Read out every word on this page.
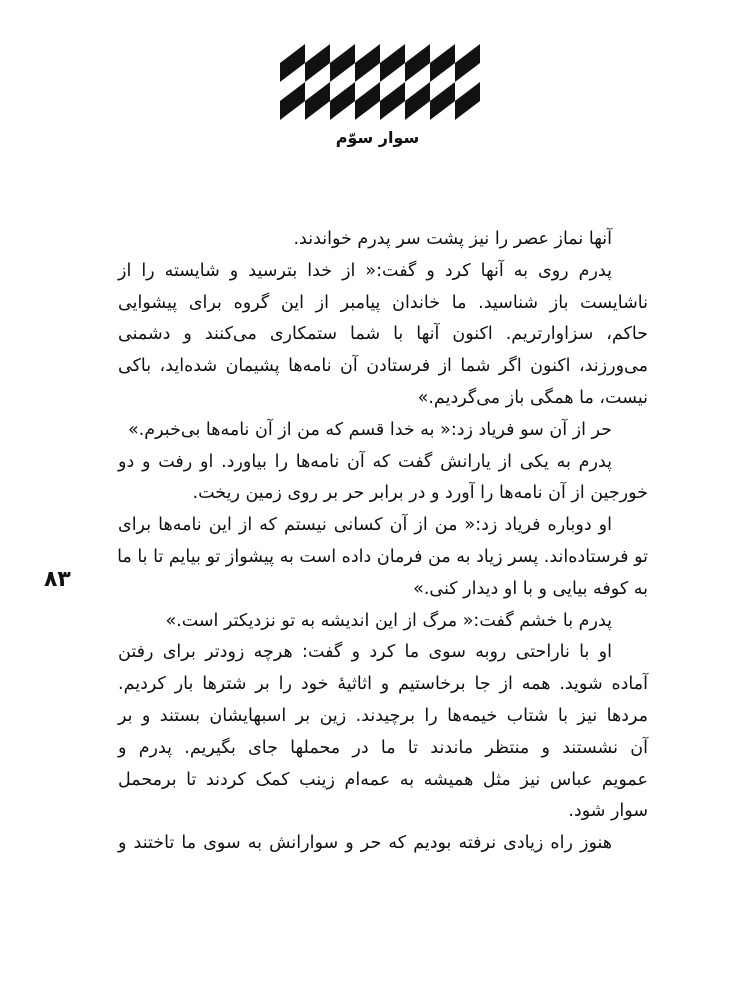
سوار سوّم
۸۳
آنها نماز عصر را نیز پشت سر پدرم خواندند.
پدرم روی به آنها کرد و گفت:« از خدا بترسید و شایسته را از
ناشایست باز شناسید. ما خاندان پیامبر از این گروه برای پیشوایی
حاکم، سزاوارتریم. اکنون آنها با شما ستمکاری می‌کنند و دشمنی
می‌ورزند، اکنون اگر شما از فرستادن آن نامه‌ها پشیمان شده‌اید، باکی
نیست، ما همگی باز می‌گردیم.»
حر از آن سو فریاد زد:« به خدا قسم که من از آن نامه‌ها بی‌خبرم.»
پدرم به یکی از یارانش گفت که آن نامه‌ها را بیاورد. او رفت و دو
خورجین از آن نامه‌ها را آورد و در برابر حر بر روی زمین ریخت.
او دوباره فریاد زد:« من از آن کسانی نیستم که از این نامه‌ها برای
تو فرستاده‌اند. پسر زیاد به من فرمان داده است به پیشواز تو بیایم تا با ما
به کوفه بیایی و با او دیدار کنی.»
پدرم با خشم گفت:« مرگ از این اندیشه به تو نزدیکتر است.»
او با ناراحتی روبه سوی ما کرد و گفت: هرچه زودتر برای رفتن
آماده شوید. همه از جا برخاستیم و اثاثیهٔ خود را بر شترها بار کردیم.
مردها نیز با شتاب خیمه‌ها را برچیدند. زین بر اسبهایشان بستند و بر
آن نشستند و منتظر ماندند تا ما در محملها جای بگیریم. پدرم و
عمویم عباس نیز مثل همیشه به عمه‌ام زینب کمک کردند تا برمحمل
سوار شود.
هنوز راه زیادی نرفته بودیم که حر و سوارانش به سوی ما تاختند و
